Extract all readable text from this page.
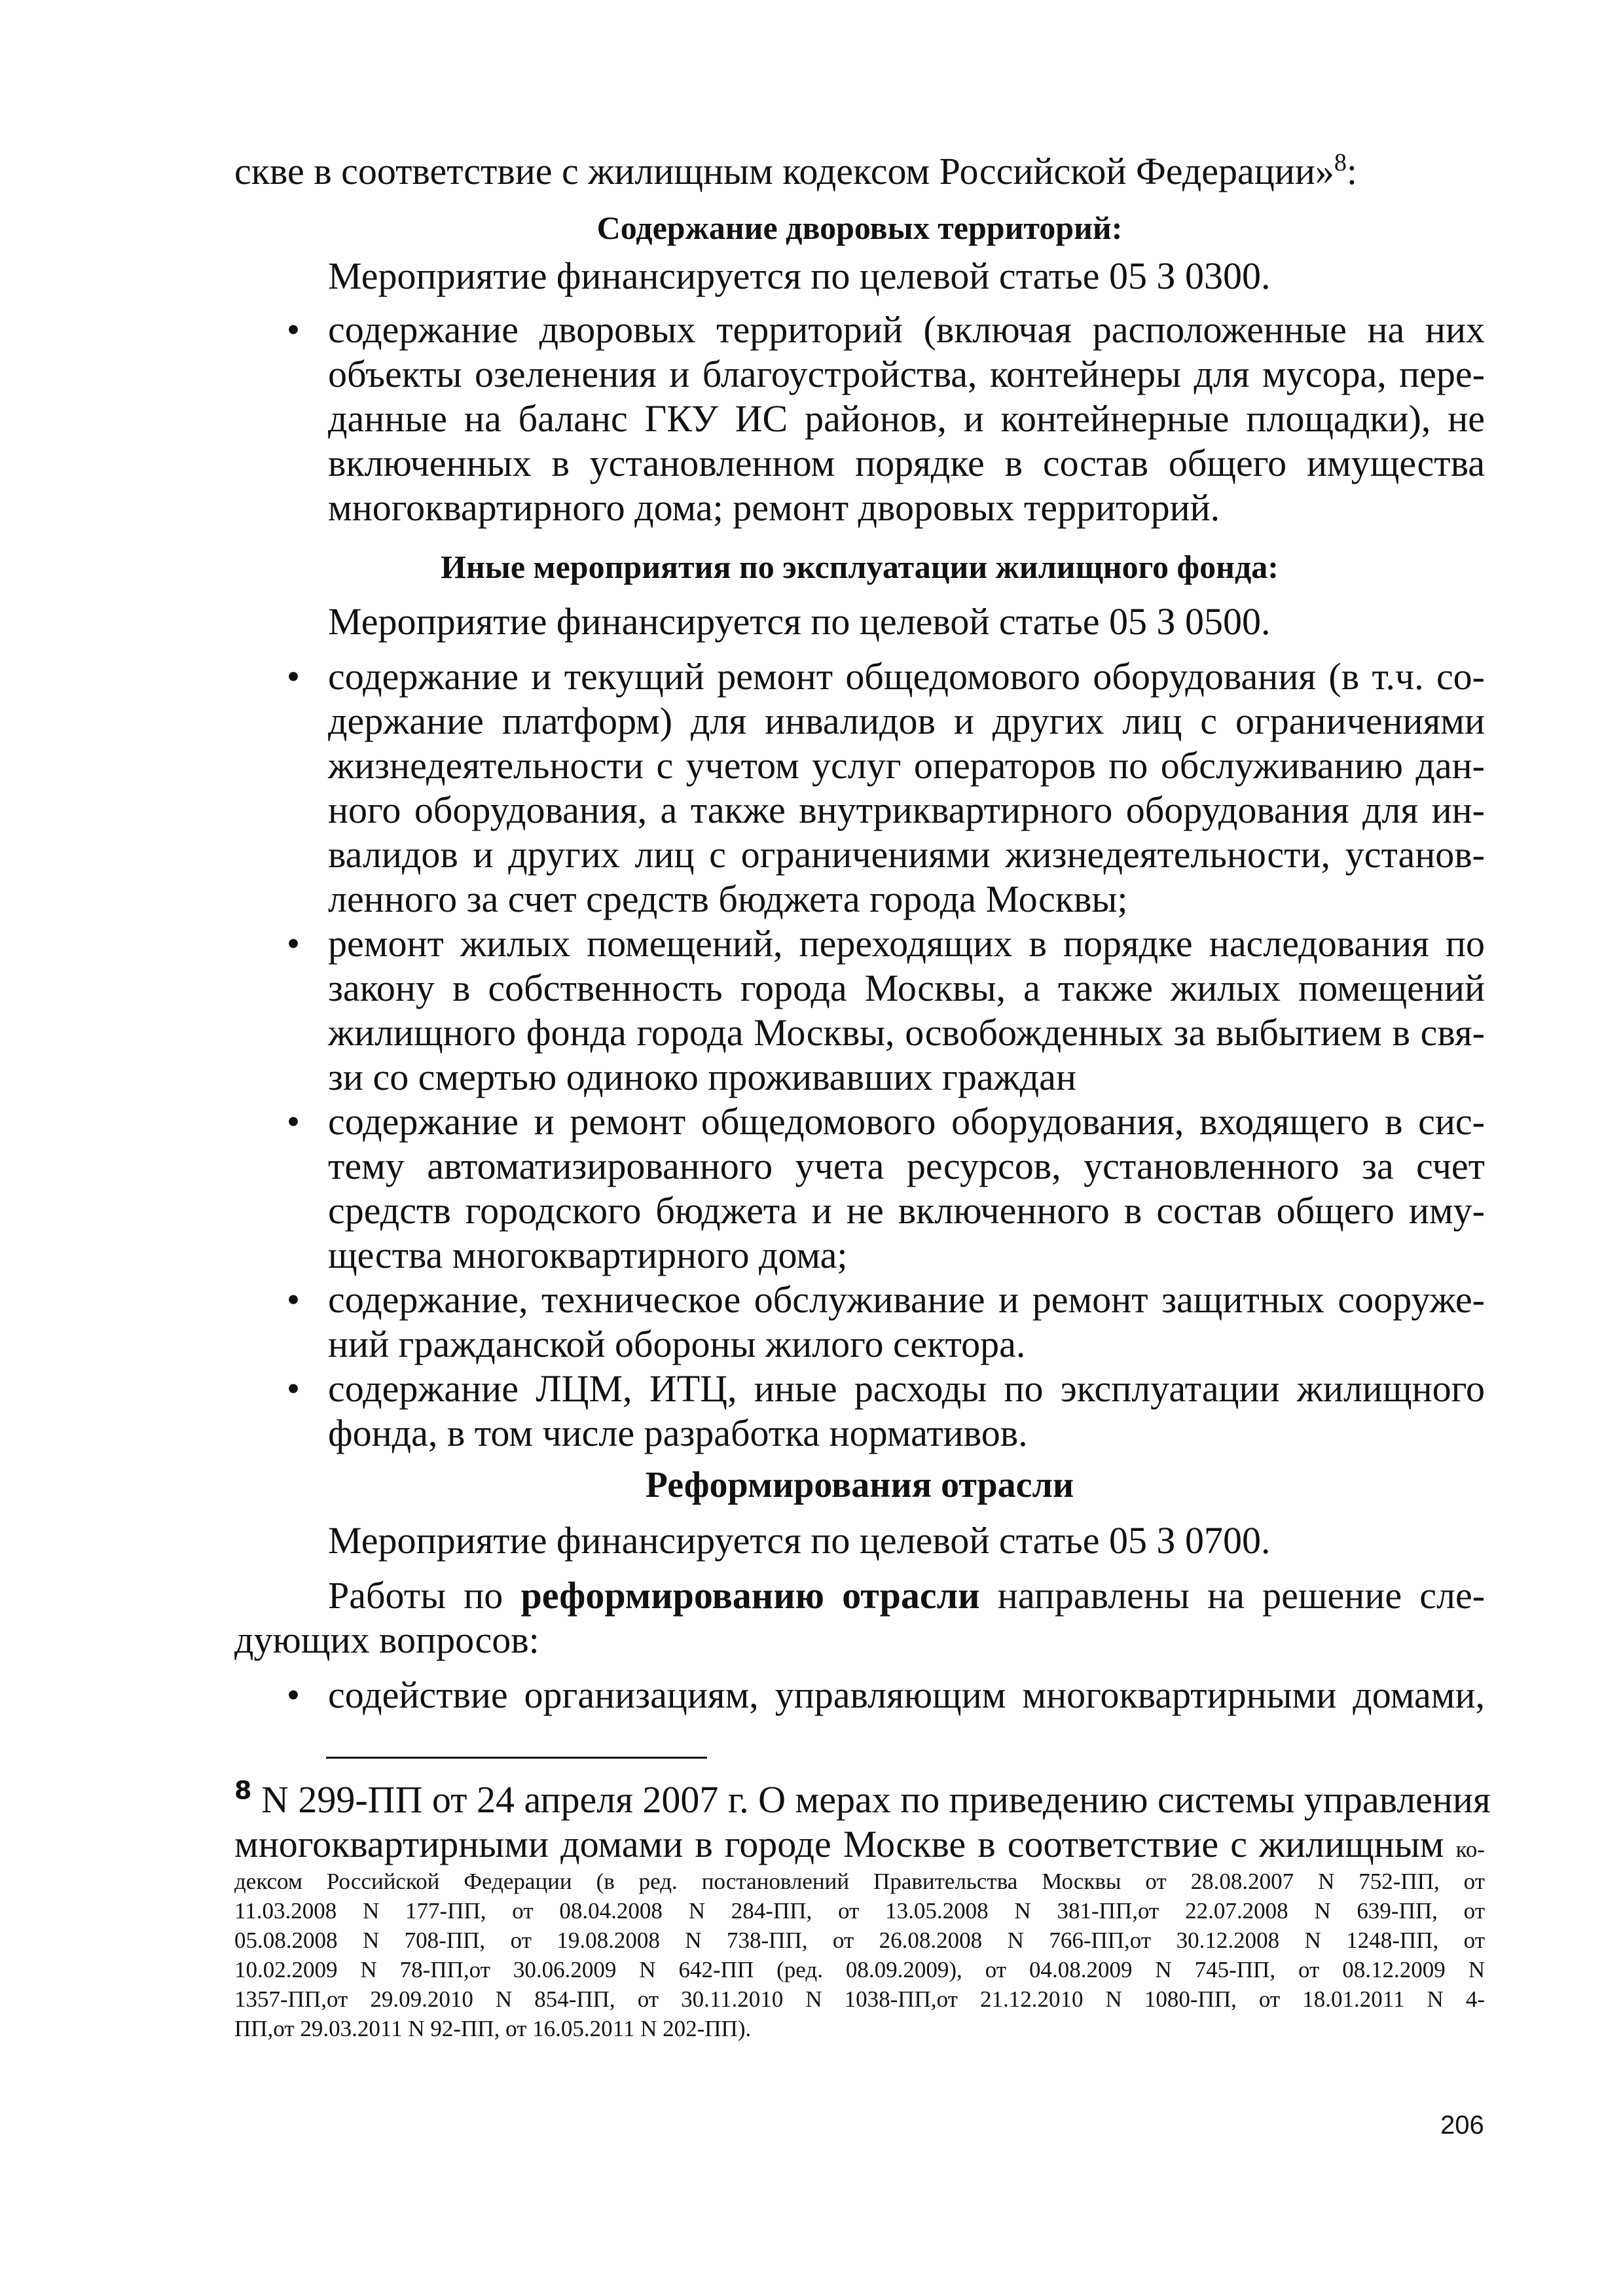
скве в соответствие с жилищным кодексом Российской Федерации»$^8$:
Содержание дворовых территорий:
Мероприятие финансируется по целевой статье 05 З 0300.
• содержание дворовых территорий (включая расположенные на них
объекты озеленения и благоустройства, контейнеры для мусора, пере-
данные на баланс ГКУ ИС районов, и контейнерные площадки), не
включенных в установленном порядке в состав общего имущества
многоквартирного дома; ремонт дворовых территорий.
Иные мероприятия по эксплуатации жилищного фонда:
Мероприятие финансируется по целевой статье 05 З 0500.
• содержание и текущий ремонт общедомового оборудования (в т.ч. со-
держание платформ) для инвалидов и других лиц с ограничениями
жизнедеятельности с учетом услуг операторов по обслуживанию дан-
ного оборудования, а также внутриквартирного оборудования для ин-
валидов и других лиц с ограничениями жизнедеятельности, установ-
ленного за счет средств бюджета города Москвы;
• ремонт жилых помещений, переходящих в порядке наследования по
закону в собственность города Москвы, а также жилых помещений
жилищного фонда города Москвы, освобожденных за выбытием в свя-
зи со смертью одиноко проживавших граждан
• содержание и ремонт общедомового оборудования, входящего в сис-
тему автоматизированного учета ресурсов, установленного за счет
средств городского бюджета и не включенного в состав общего иму-
щества многоквартирного дома;
• содержание, техническое обслуживание и ремонт защитных сооруже-
ний гражданской обороны жилого сектора.
• содержание ЛЦМ, ИТЦ, иные расходы по эксплуатации жилищного
фонда, в том числе разработка нормативов.
Реформирования отрасли
Мероприятие финансируется по целевой статье 05 З 0700.
Работы по реформированию отрасли направлены на решение сле-
дующих вопросов:
• содействие организациям, управляющим многоквартирными домами,
$^8$ N 299-ПП от 24 апреля 2007 г. О мерах по приведению системы управления
многоквартирными домами в городе Москве в соответствие с жилищным ко-
дексом Российской Федерации (в ред. постановлений Правительства Москвы от 28.08.2007 N 752-ПП, от
11.03.2008 N 177-ПП, от 08.04.2008 N 284-ПП, от 13.05.2008 N 381-ПП,от 22.07.2008 N 639-ПП, от
05.08.2008 N 708-ПП, от 19.08.2008 N 738-ПП, от 26.08.2008 N 766-ПП,от 30.12.2008 N 1248-ПП, от
10.02.2009 N 78-ПП,от 30.06.2009 N 642-ПП (ред. 08.09.2009), от 04.08.2009 N 745-ПП, от 08.12.2009 N
1357-ПП,от 29.09.2010 N 854-ПП, от 30.11.2010 N 1038-ПП,от 21.12.2010 N 1080-ПП, от 18.01.2011 N 4-
ПП,от 29.03.2011 N 92-ПП, от 16.05.2011 N 202-ПП).
206
